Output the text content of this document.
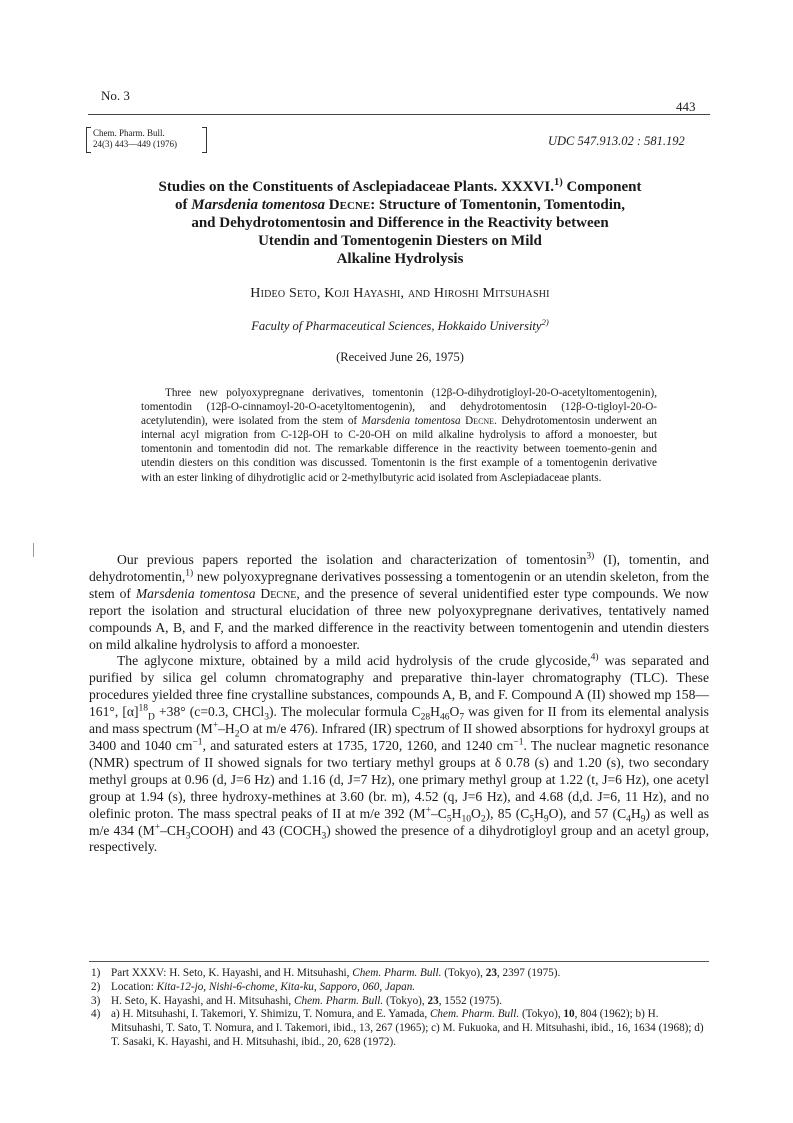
No. 3
443
Chem. Pharm. Bull.
24(3) 443—449 (1976)	UDC 547.913.02 : 581.192
Studies on the Constituents of Asclepiadaceae Plants. XXXVI.$^{1)}$ Component
of Marsdenia tomentosa Decne: Structure of Tomentonin, Tomentodin,
and Dehydrotomentosin and Difference in the Reactivity between
Utendin and Tomentogenin Diesters on Mild
Alkaline Hydrolysis
Hideo Seto, Koji Hayashi, and Hiroshi Mitsuhashi
Faculty of Pharmaceutical Sciences, Hokkaido University$^{2)}$
(Received June 26, 1975)

Three new polyoxypregnane derivatives, tomentonin (12β-O-dihydrotigloyl-20-O-acetyltomentogenin), tomentodin (12β-O-cinnamoyl-20-O-acetyltomentogenin), and dehydrotomentosin (12β-O-tigloyl-20-O-acetylutendin), were isolated from the stem of Marsdenia tomentosa Decne. Dehydrotomentosin underwent an internal acyl migration from C-12β-OH to C-20-OH on mild alkaline hydrolysis to afford a monoester, but tomentonin and tomentodin did not. The remarkable difference in the reactivity between toemento-genin and utendin diesters on this condition was discussed. Tomentonin is the first example of a tomentogenin derivative with an ester linking of dihydrotiglic acid or 2-methylbutyric acid isolated from Asclepiadaceae plants.

Our previous papers reported the isolation and characterization of tomentosin$^{3)}$ (I), tomentin, and dehydrotomentin,$^{1)}$ new polyoxypregnane derivatives possessing a tomentogenin or an utendin skeleton, from the stem of Marsdenia tomentosa Decne, and the presence of several unidentified ester type compounds. We now report the isolation and structural elucidation of three new polyoxypregnane derivatives, tentatively named compounds A, B, and F, and the marked difference in the reactivity between tomentogenin and utendin diesters on mild alkaline hydrolysis to afford a monoester.

The aglycone mixture, obtained by a mild acid hydrolysis of the crude glycoside,$^{4)}$ was separated and purified by silica gel column chromatography and preparative thin-layer chromatography (TLC). These procedures yielded three fine crystalline substances, compounds A, B, and F. Compound A (II) showed mp 158—161°, $[\alpha]^{18}_D +38^\circ$ (c=0.3, CHCl$_3$). The molecular formula $C_{28}H_{46}O_7$ was given for II from its elemental analysis and mass spectrum ($M^+-H_2O$ at m/e 476). Infrared (IR) spectrum of II showed absorptions for hydroxyl groups at 3400 and 1040 $cm^{-1}$, and saturated esters at 1735, 1720, 1260, and 1240 $cm^{-1}$. The nuclear magnetic resonance (NMR) spectrum of II showed signals for two tertiary methyl groups at δ 0.78 (s) and 1.20 (s), two secondary methyl groups at 0.96 (d, J=6 Hz) and 1.16 (d, J=7 Hz), one primary methyl group at 1.22 (t, J=6 Hz), one acetyl group at 1.94 (s), three hydroxy-methines at 3.60 (br. m), 4.52 (q, J=6 Hz), and 4.68 (d,d. J=6, 11 Hz), and no olefinic proton. The mass spectral peaks of II at m/e 392 $(M^+-C_5H_{10}O_2)$, 85 $(C_5H_9O)$, and 57 $(C_4H_9)$ as well as m/e 434 $(M^+-CH_3COOH)$ and 43 $(COCH_3)$ showed the presence of a dihydrotigloyl group and an acetyl group, respectively.

1) Part XXXV: H. Seto, K. Hayashi, and H. Mitsuhashi, Chem. Pharm. Bull. (Tokyo), 23, 2397 (1975).
2) Location: Kita-12-jo, Nishi-6-chome, Kita-ku, Sapporo, 060, Japan.
3) H. Seto, K. Hayashi, and H. Mitsuhashi, Chem. Pharm. Bull. (Tokyo), 23, 1552 (1975).
4) a) H. Mitsuhashi, I. Takemori, Y. Shimizu, T. Nomura, and E. Yamada, Chem. Pharm. Bull. (Tokyo), 10, 804 (1962); b) H. Mitsuhashi, T. Sato, T. Nomura, and I. Takemori, ibid., 13, 267 (1965); c) M. Fukuoka, and H. Mitsuhashi, ibid., 16, 1634 (1968); d) T. Sasaki, K. Hayashi, and H. Mitsuhashi, ibid., 20, 628 (1972).
